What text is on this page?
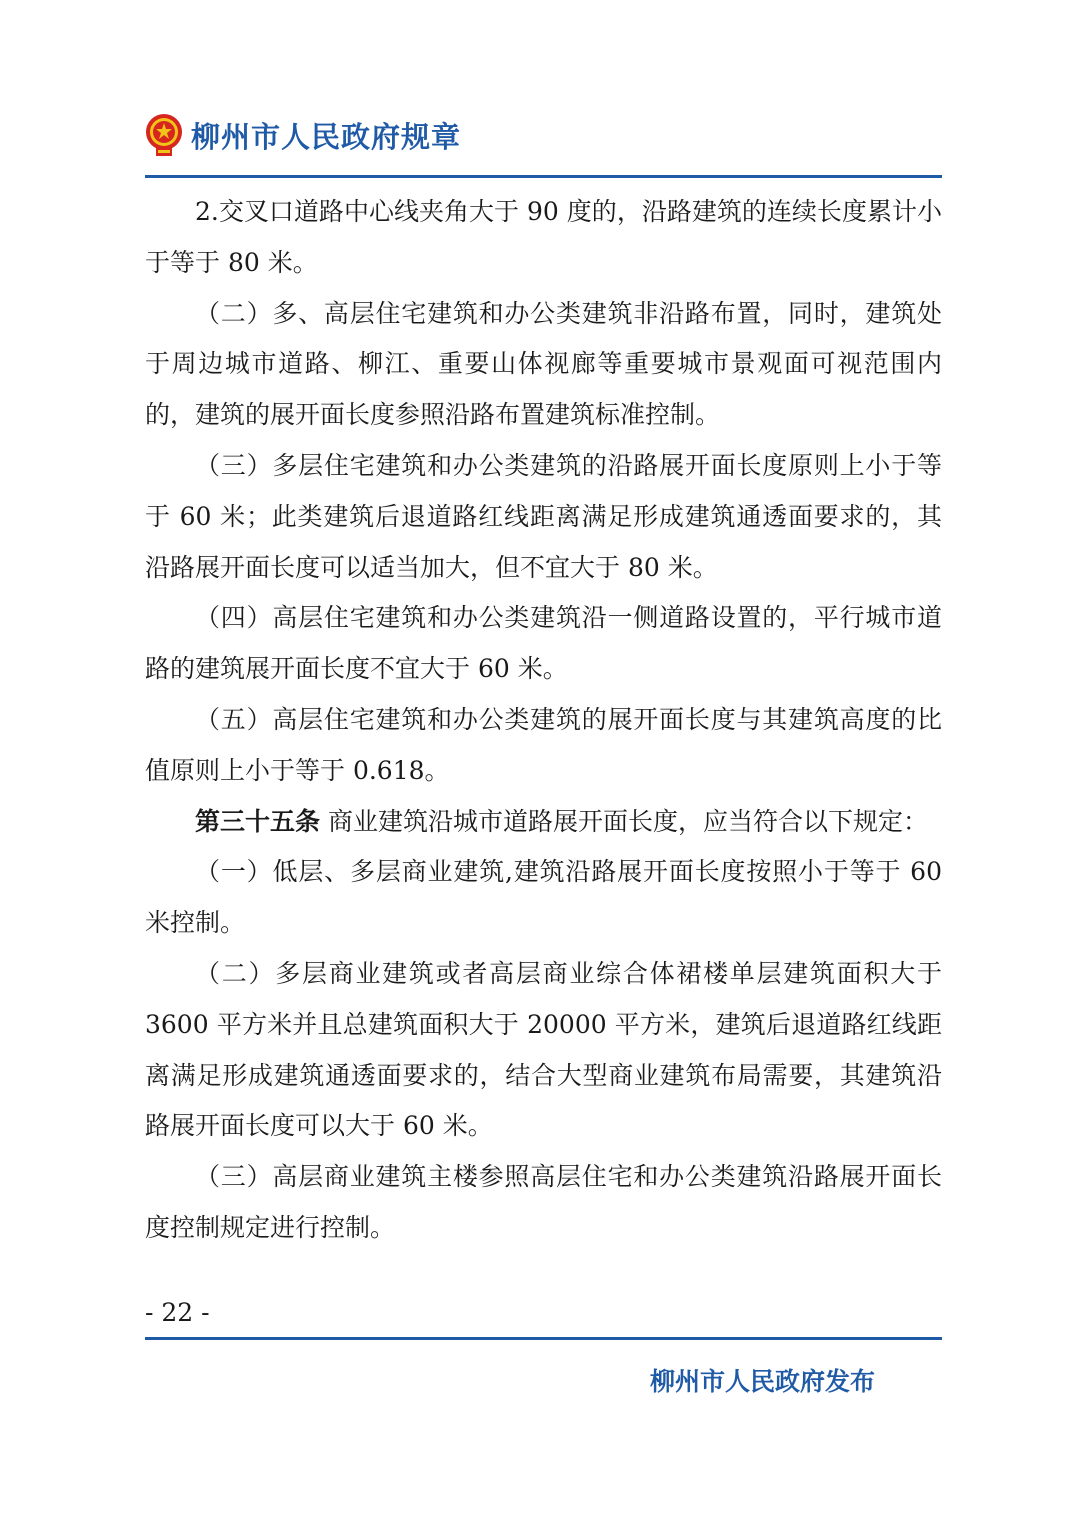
柳州市人民政府规章

2.交叉口道路中心线夹角大于 90 度的，沿路建筑的连续长度累计小于等于 80 米。

（二）多、高层住宅建筑和办公类建筑非沿路布置，同时，建筑处于周边城市道路、柳江、重要山体视廊等重要城市景观面可视范围内的，建筑的展开面长度参照沿路布置建筑标准控制。

（三）多层住宅建筑和办公类建筑的沿路展开面长度原则上小于等于 60 米；此类建筑后退道路红线距离满足形成建筑通透面要求的，其沿路展开面长度可以适当加大，但不宜大于 80 米。

（四）高层住宅建筑和办公类建筑沿一侧道路设置的，平行城市道路的建筑展开面长度不宜大于 60 米。

（五）高层住宅建筑和办公类建筑的展开面长度与其建筑高度的比值原则上小于等于 0.618。

第三十五条 商业建筑沿城市道路展开面长度，应当符合以下规定：

（一）低层、多层商业建筑,建筑沿路展开面长度按照小于等于 60 米控制。

（二）多层商业建筑或者高层商业综合体裙楼单层建筑面积大于 3600 平方米并且总建筑面积大于 20000 平方米，建筑后退道路红线距离满足形成建筑通透面要求的，结合大型商业建筑布局需要，其建筑沿路展开面长度可以大于 60 米。

（三）高层商业建筑主楼参照高层住宅和办公类建筑沿路展开面长度控制规定进行控制。

- 22 -
柳州市人民政府发布
